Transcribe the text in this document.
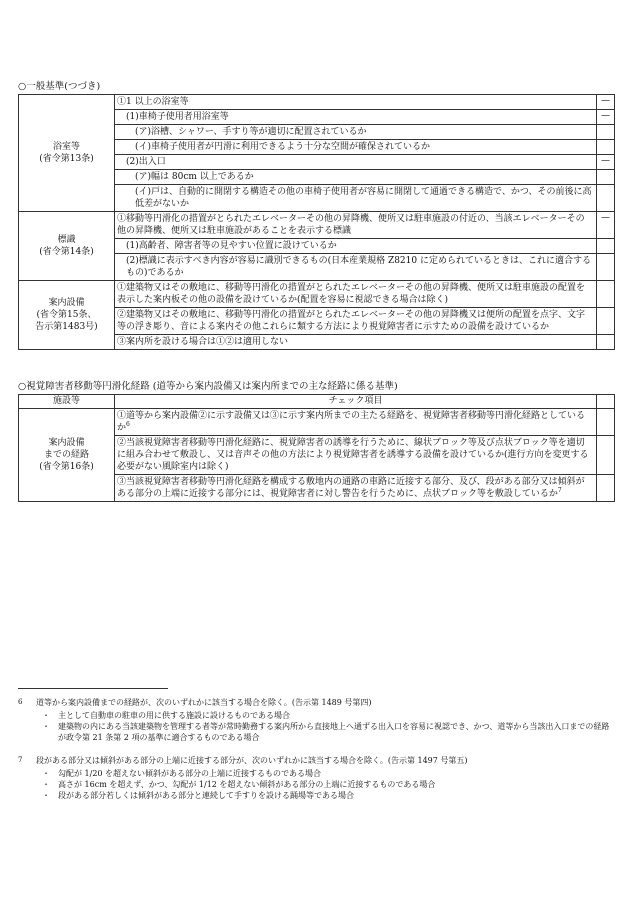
○一般基準(つづき)
浴室等
(省令第13条)	①1 以上の浴室等	—
	(1)車椅子使用者用浴室等	—
	(ア)浴槽、シャワー、手すり等が適切に配置されているか	
	(イ)車椅子使用者が円滑に利用できるよう十分な空間が確保されているか	
	(2)出入口	—
	(ア)幅は 80cm 以上であるか	
	(イ)戸は、自動的に開閉する構造その他の車椅子使用者が容易に開閉して通過できる構造で、かつ、その前後に高低差がないか	
標識
(省令第14条)	①移動等円滑化の措置がとられたエレベーターその他の昇降機、便所又は駐車施設の付近の、当該エレベーターその他の昇降機、便所又は駐車施設があることを表示する標識	—
	(1)高齢者、障害者等の見やすい位置に設けているか	
	(2)標識に表示すべき内容が容易に識別できるもの(日本産業規格 Z8210 に定められているときは、これに適合するもの)であるか	
案内設備
(省令第15条、
告示第1483号)	①建築物又はその敷地に、移動等円滑化の措置がとられたエレベーターその他の昇降機、便所又は駐車施設の配置を表示した案内板その他の設備を設けているか(配置を容易に視認できる場合は除く)	
	②建築物又はその敷地に、移動等円滑化の措置がとられたエレベーターその他の昇降機又は便所の配置を点字、文字等の浮き彫り、音による案内その他これらに類する方法により視覚障害者に示すための設備を設けているか	
	③案内所を設ける場合は①②は適用しない	
○視覚障害者移動等円滑化経路 (道等から案内設備又は案内所までの主な経路に係る基準)
施設等	チェック項目	
案内設備
までの経路
(省令第16条)	①道等から案内設備②に示す設備又は③に示す案内所までの主たる経路を、視覚障害者移動等円滑化経路としているか$^6$	
	②当該視覚障害者移動等円滑化経路に、視覚障害者の誘導を行うために、線状ブロック等及び点状ブロック等を適切に組み合わせて敷設し、又は音声その他の方法により視覚障害者を誘導する設備を設けているか(進行方向を変更する必要がない風除室内は除く)	
	③当該視覚障害者移動等円滑化経路を構成する敷地内の通路の車路に近接する部分、及び、段がある部分又は傾斜がある部分の上端に近接する部分には、視覚障害者に対し警告を行うために、点状ブロック等を敷設しているか$^7$	
6	道等から案内設備までの経路が、次のいずれかに該当する場合を除く。(告示第 1489 号第四)
・	主として自動車の駐車の用に供する施設に設けるものである場合
・	建築物の内にある当該建築物を管理する者等が常時勤務する案内所から直接地上へ通ずる出入口を容易に視認でき、かつ、道等から当該出入口までの経路が政令第 21 条第 2 項の基準に適合するものである場合
7	段がある部分又は傾斜がある部分の上端に近接する部分が、次のいずれかに該当する場合を除く。(告示第 1497 号第五)
・	勾配が 1/20 を超えない傾斜がある部分の上端に近接するものである場合
・	高さが 16cm を超えず、かつ、勾配が 1/12 を超えない傾斜がある部分の上端に近接するものである場合
・	段がある部分若しくは傾斜がある部分と連続して手すりを設ける踊場等である場合
